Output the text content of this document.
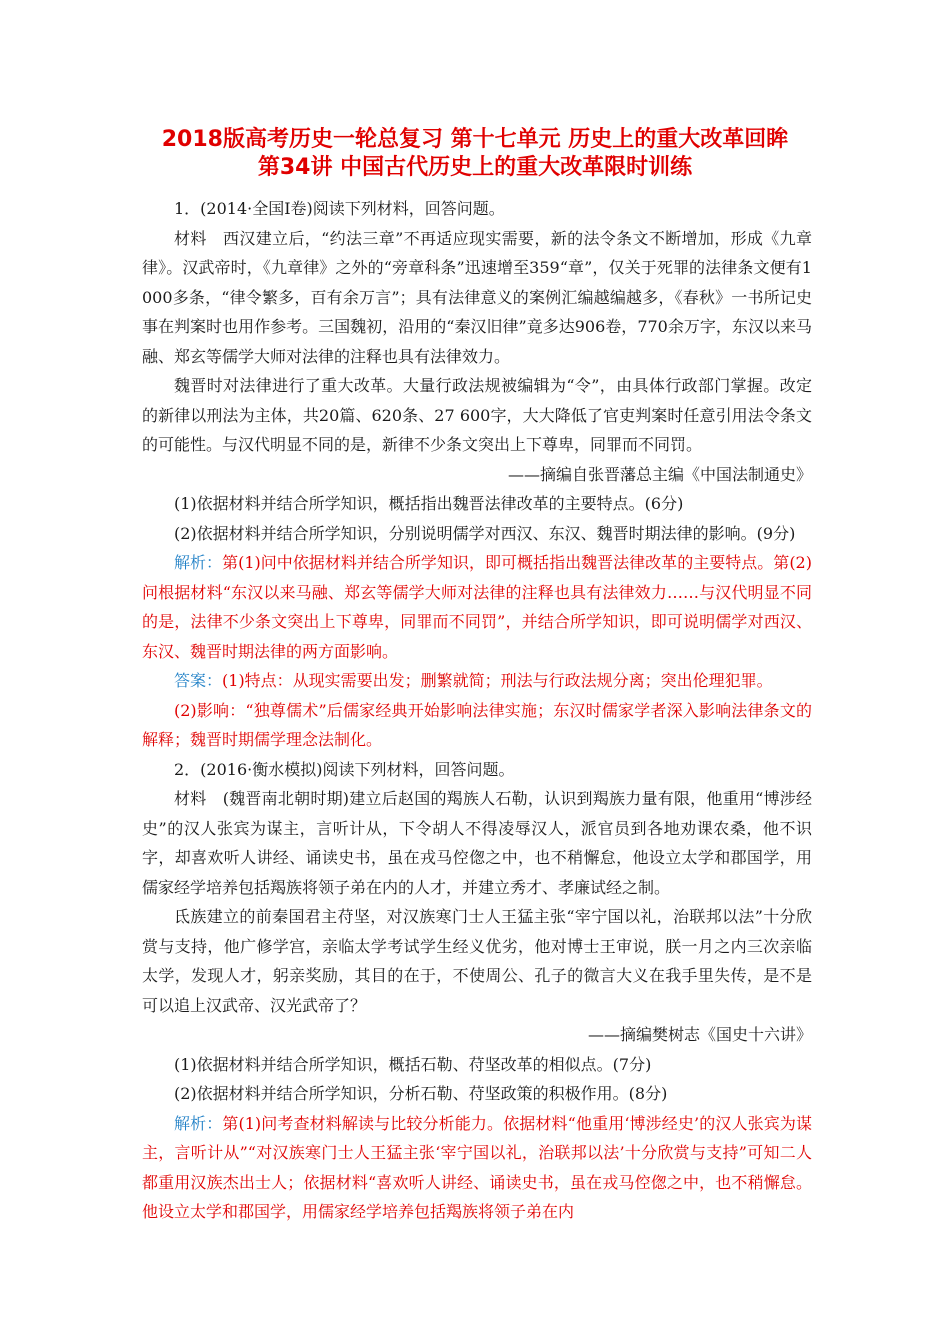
2018版高考历史一轮总复习 第十七单元 历史上的重大改革回眸
第34讲 中国古代历史上的重大改革限时训练

1．(2014·全国Ⅰ卷)阅读下列材料，回答问题。

材料　西汉建立后，“约法三章”不再适应现实需要，新的法令条文不断增加，形成《九章律》。汉武帝时，《九章律》之外的“旁章科条”迅速增至359“章”，仅关于死罪的法律条文便有1 000多条，“律令繁多，百有余万言”；具有法律意义的案例汇编越编越多，《春秋》一书所记史事在判案时也用作参考。三国魏初，沿用的“秦汉旧律”竟多达906卷，770余万字，东汉以来马融、郑玄等儒学大师对法律的注释也具有法律效力。

魏晋时对法律进行了重大改革。大量行政法规被编辑为“令”，由具体行政部门掌握。改定的新律以刑法为主体，共20篇、620条、27 600字，大大降低了官吏判案时任意引用法令条文的可能性。与汉代明显不同的是，新律不少条文突出上下尊卑，同罪而不同罚。

——摘编自张晋藩总主编《中国法制通史》

(1)依据材料并结合所学知识，概括指出魏晋法律改革的主要特点。(6分)

(2)依据材料并结合所学知识，分别说明儒学对西汉、东汉、魏晋时期法律的影响。(9分)

解析：第(1)问中依据材料并结合所学知识，即可概括指出魏晋法律改革的主要特点。第(2)问根据材料“东汉以来马融、郑玄等儒学大师对法律的注释也具有法律效力……与汉代明显不同的是，法律不少条文突出上下尊卑，同罪而不同罚”，并结合所学知识，即可说明儒学对西汉、东汉、魏晋时期法律的两方面影响。

答案：(1)特点：从现实需要出发；删繁就简；刑法与行政法规分离；突出伦理犯罪。

(2)影响：“独尊儒术”后儒家经典开始影响法律实施；东汉时儒家学者深入影响法律条文的解释；魏晋时期儒学理念法制化。

2．(2016·衡水模拟)阅读下列材料，回答问题。

材料　(魏晋南北朝时期)建立后赵国的羯族人石勒，认识到羯族力量有限，他重用“博涉经史”的汉人张宾为谋主，言听计从，下令胡人不得凌辱汉人，派官员到各地劝课农桑，他不识字，却喜欢听人讲经、诵读史书，虽在戎马倥偬之中，也不稍懈怠，他设立太学和郡国学，用儒家经学培养包括羯族将领子弟在内的人才，并建立秀才、孝廉试经之制。

氐族建立的前秦国君主苻坚，对汉族寒门士人王猛主张“宰宁国以礼，治联邦以法”十分欣赏与支持，他广修学宫，亲临太学考试学生经义优劣，他对博士王审说，朕一月之内三次亲临太学，发现人才，躬亲奖励，其目的在于，不使周公、孔子的微言大义在我手里失传，是不是可以追上汉武帝、汉光武帝了？

——摘编樊树志《国史十六讲》

(1)依据材料并结合所学知识，概括石勒、苻坚改革的相似点。(7分)

(2)依据材料并结合所学知识，分析石勒、苻坚政策的积极作用。(8分)

解析：第(1)问考查材料解读与比较分析能力。依据材料“他重用‘博涉经史’的汉人张宾为谋主，言听计从”“对汉族寒门士人王猛主张‘宰宁国以礼，治联邦以法’十分欣赏与支持”可知二人都重用汉族杰出士人；依据材料“喜欢听人讲经、诵读史书，虽在戎马倥偬之中，也不稍懈怠。他设立太学和郡国学，用儒家经学培养包括羯族将领子弟在内
